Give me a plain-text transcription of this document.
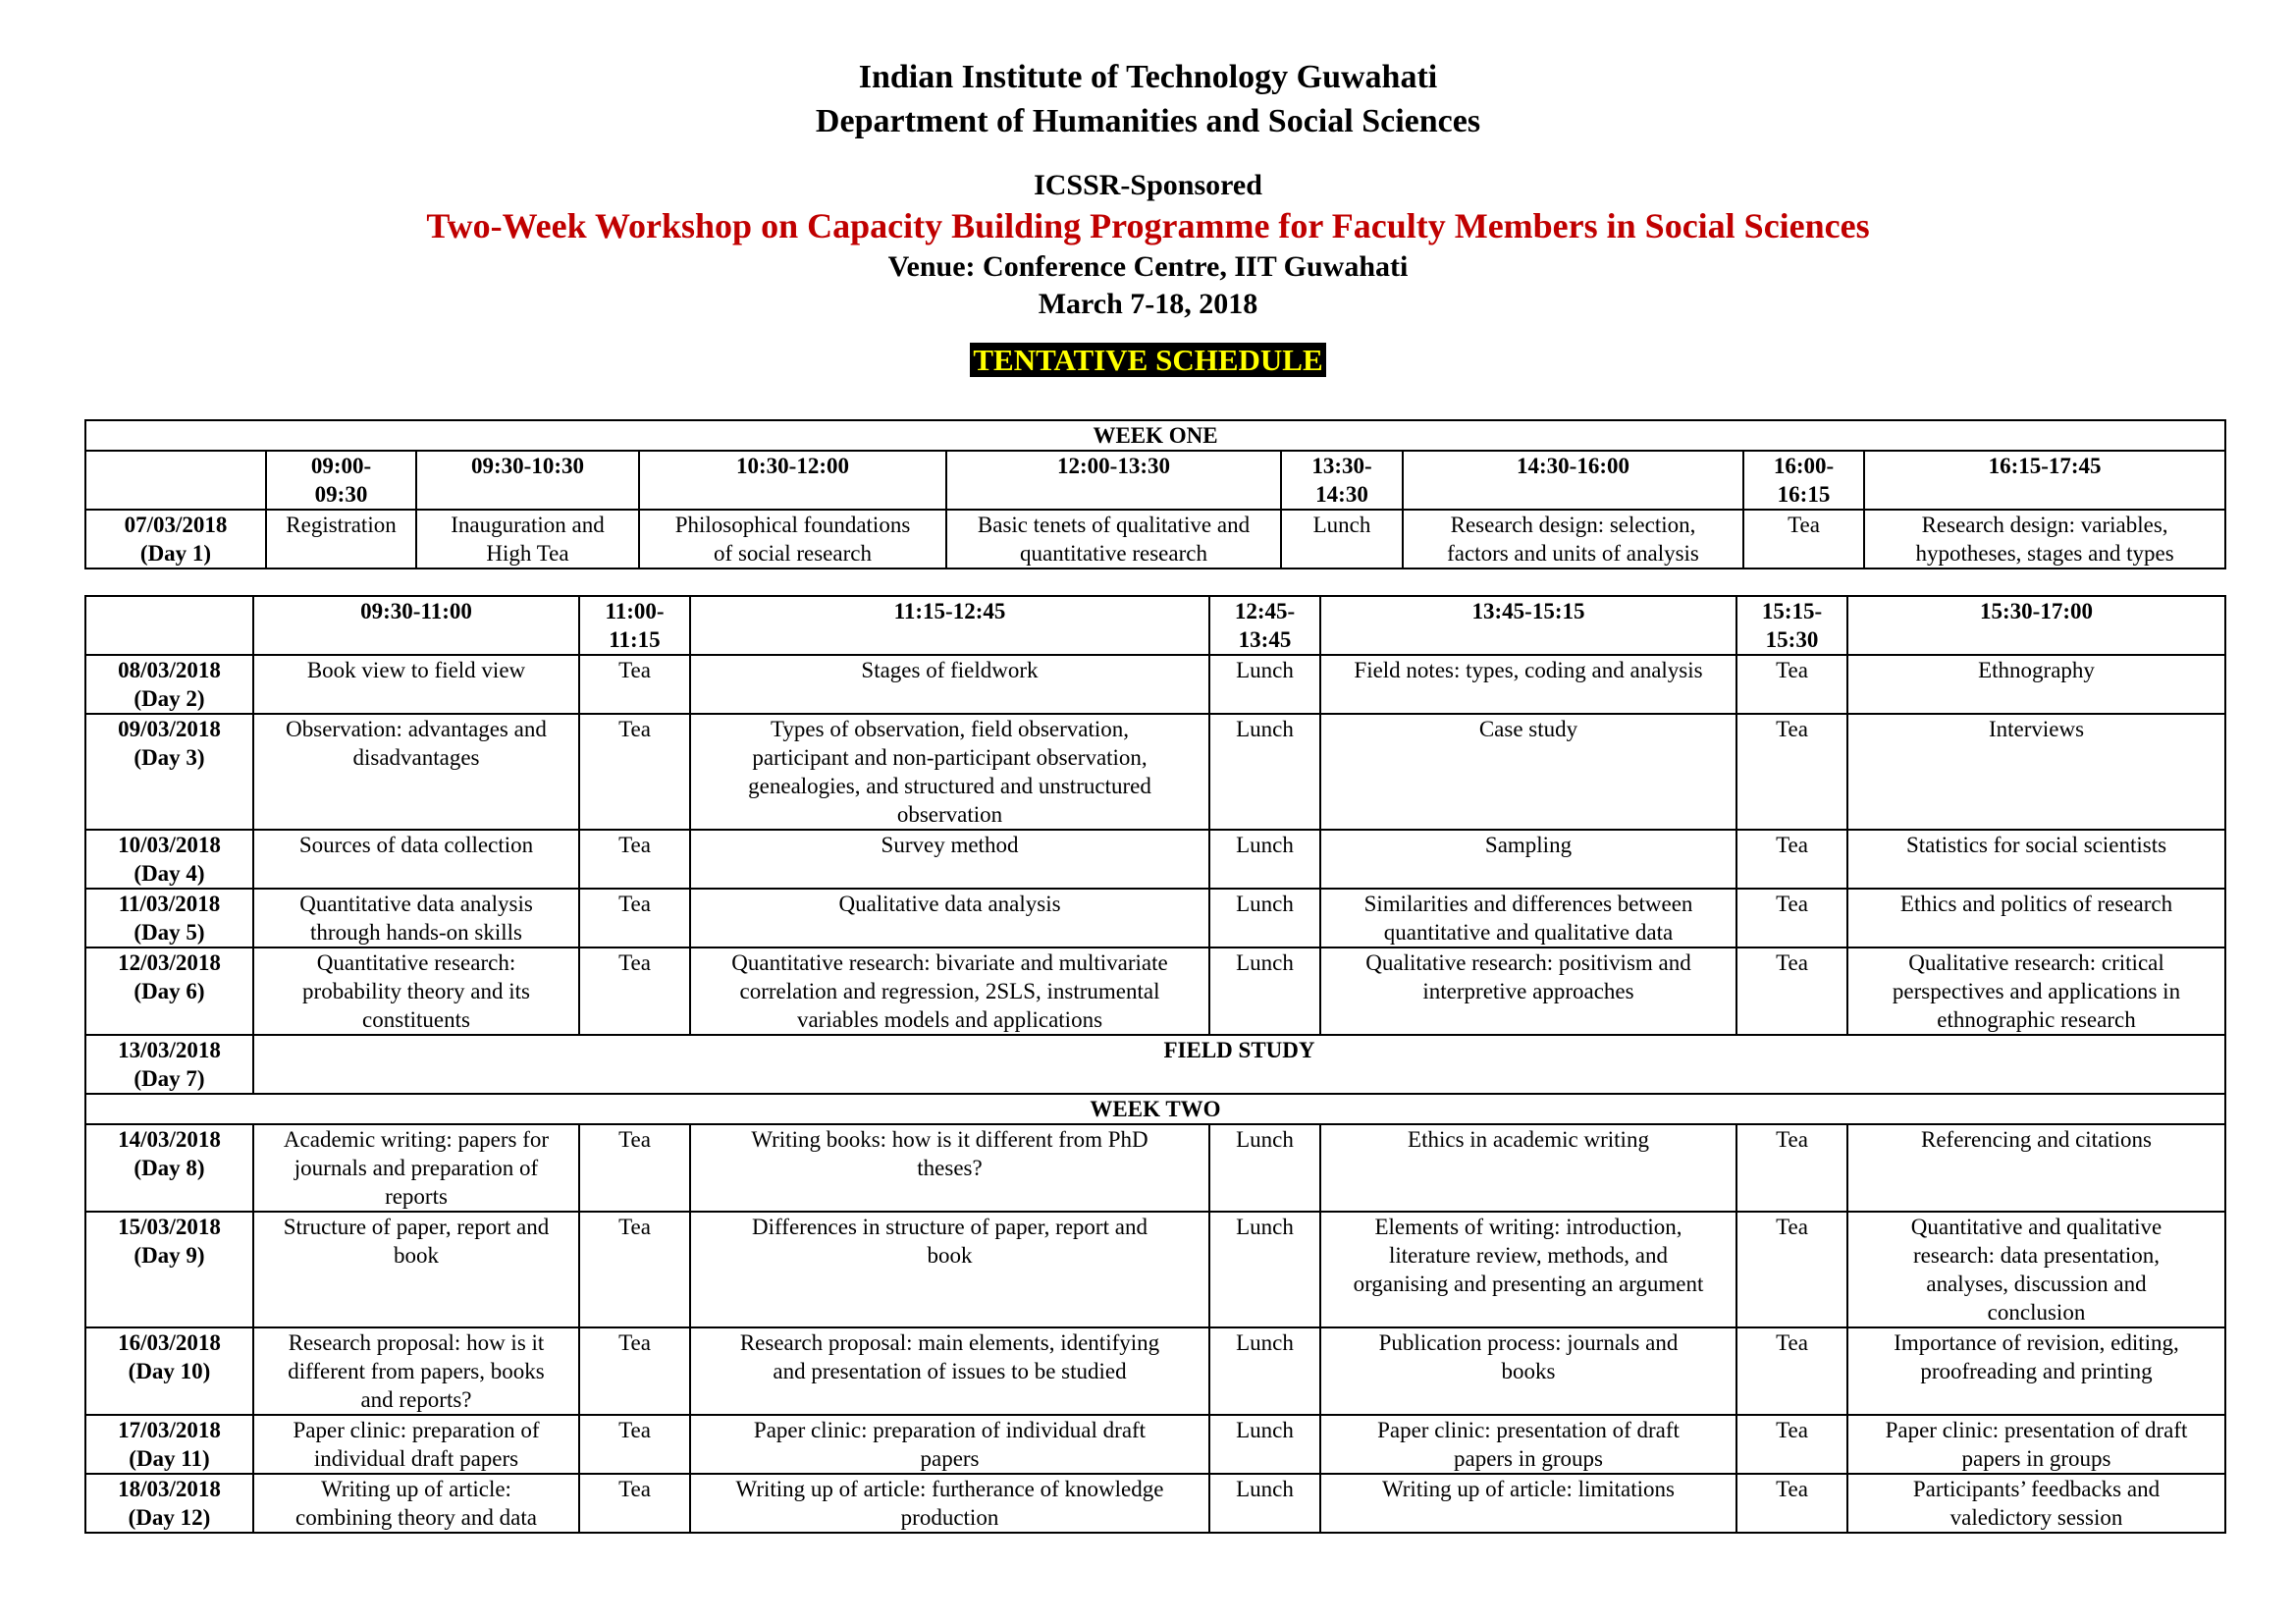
Indian Institute of Technology Guwahati
Department of Humanities and Social Sciences
ICSSR-Sponsored
Two-Week Workshop on Capacity Building Programme for Faculty Members in Social Sciences
Venue: Conference Centre, IIT Guwahati
March 7-18, 2018
TENTATIVE SCHEDULE
WEEK ONE								
	09:00-
09:30	09:30-10:30	10:30-12:00	12:00-13:30	13:30-
14:30	14:30-16:00	16:00-
16:15	16:15-17:45
07/03/2018
(Day 1)	Registration	Inauguration and
High Tea	Philosophical foundations
of social research	Basic tenets of qualitative and
quantitative research	Lunch	Research design: selection,
factors and units of analysis	Tea	Research design: variables,
hypotheses, stages and types
	09:30-11:00	11:00-
11:15	11:15-12:45	12:45-
13:45	13:45-15:15	15:15-
15:30	15:30-17:00
08/03/2018
(Day 2)	Book view to field view	Tea	Stages of fieldwork	Lunch	Field notes: types, coding and analysis	Tea	Ethnography
09/03/2018
(Day 3)	Observation: advantages and
disadvantages	Tea	Types of observation, field observation,
participant and non-participant observation,
genealogies, and structured and unstructured
observation	Lunch	Case study	Tea	Interviews
10/03/2018
(Day 4)	Sources of data collection	Tea	Survey method	Lunch	Sampling	Tea	Statistics for social scientists
11/03/2018
(Day 5)	Quantitative data analysis
through hands-on skills	Tea	Qualitative data analysis	Lunch	Similarities and differences between
quantitative and qualitative data	Tea	Ethics and politics of research
12/03/2018
(Day 6)	Quantitative research:
probability theory and its
constituents	Tea	Quantitative research: bivariate and multivariate
correlation and regression, 2SLS, instrumental
variables models and applications	Lunch	Qualitative research: positivism and
interpretive approaches	Tea	Qualitative research: critical
perspectives and applications in
ethnographic research
13/03/2018
(Day 7)	FIELD STUDY						
WEEK TWO							
14/03/2018
(Day 8)	Academic writing: papers for
journals and preparation of
reports	Tea	Writing books: how is it different from PhD
theses?	Lunch	Ethics in academic writing	Tea	Referencing and citations
15/03/2018
(Day 9)	Structure of paper, report and
book	Tea	Differences in structure of paper, report and
book	Lunch	Elements of writing: introduction,
literature review, methods, and
organising and presenting an argument	Tea	Quantitative and qualitative
research: data presentation,
analyses, discussion and
conclusion
16/03/2018
(Day 10)	Research proposal: how is it
different from papers, books
and reports?	Tea	Research proposal: main elements, identifying
and presentation of issues to be studied	Lunch	Publication process: journals and
books	Tea	Importance of revision, editing,
proofreading and printing
17/03/2018
(Day 11)	Paper clinic: preparation of
individual draft papers	Tea	Paper clinic: preparation of individual draft
papers	Lunch	Paper clinic: presentation of draft
papers in groups	Tea	Paper clinic: presentation of draft
papers in groups
18/03/2018
(Day 12)	Writing up of article:
combining theory and data	Tea	Writing up of article: furtherance of knowledge
production	Lunch	Writing up of article: limitations	Tea	Participants’ feedbacks and
valedictory session
